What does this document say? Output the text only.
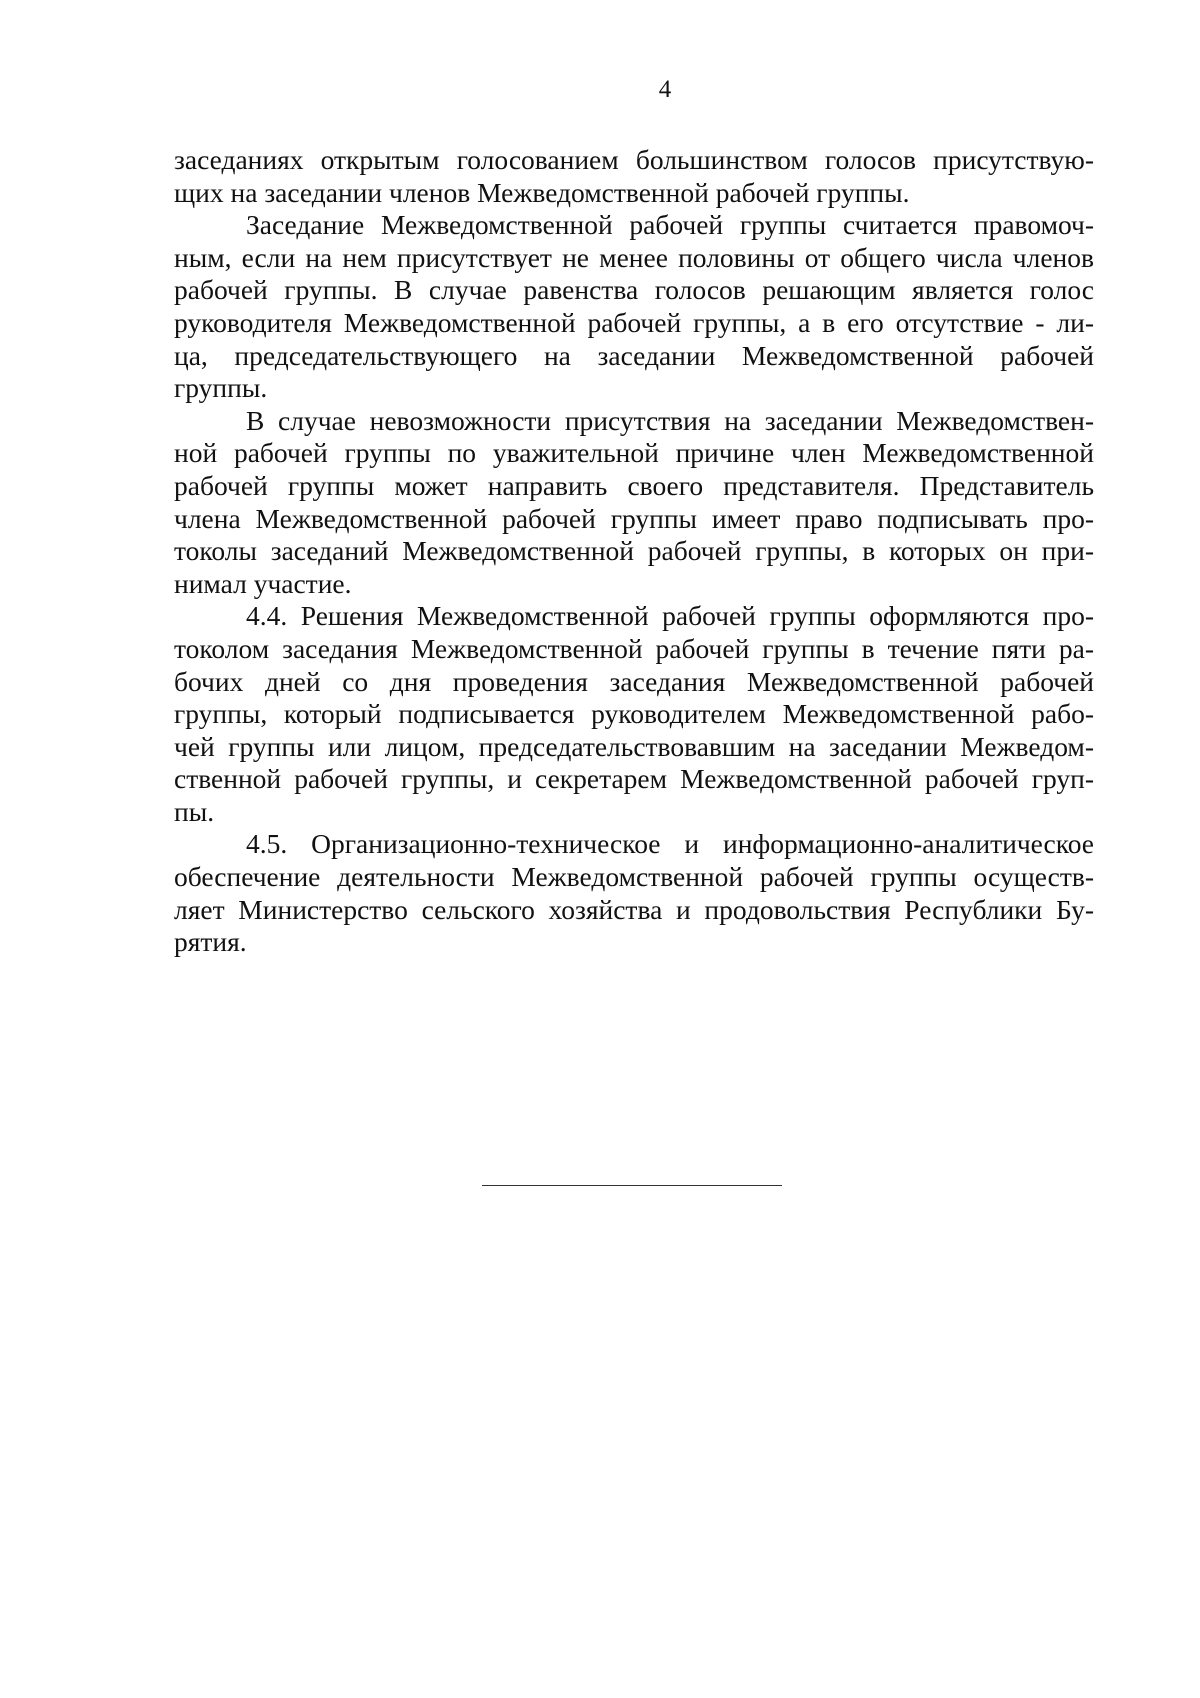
4
заседаниях открытым голосованием большинством голосов присутствую-
щих на заседании членов Межведомственной рабочей группы.
Заседание Межведомственной рабочей группы считается правомоч-
ным, если на нем присутствует не менее половины от общего числа членов
рабочей группы. В случае равенства голосов решающим является голос
руководителя Межведомственной рабочей группы, а в его отсутствие - ли-
ца, председательствующего на заседании Межведомственной рабочей
группы.
В случае невозможности присутствия на заседании Межведомствен-
ной рабочей группы по уважительной причине член Межведомственной
рабочей группы может направить своего представителя. Представитель
члена Межведомственной рабочей группы имеет право подписывать про-
токолы заседаний Межведомственной рабочей группы, в которых он при-
нимал участие.
4.4. Решения Межведомственной рабочей группы оформляются про-
токолом заседания Межведомственной рабочей группы в течение пяти ра-
бочих дней со дня проведения заседания Межведомственной рабочей
группы, который подписывается руководителем Межведомственной рабо-
чей группы или лицом, председательствовавшим на заседании Межведом-
ственной рабочей группы, и секретарем Межведомственной рабочей груп-
пы.
4.5. Организационно-техническое и информационно-аналитическое
обеспечение деятельности Межведомственной рабочей группы осуществ-
ляет Министерство сельского хозяйства и продовольствия Республики Бу-
рятия.
